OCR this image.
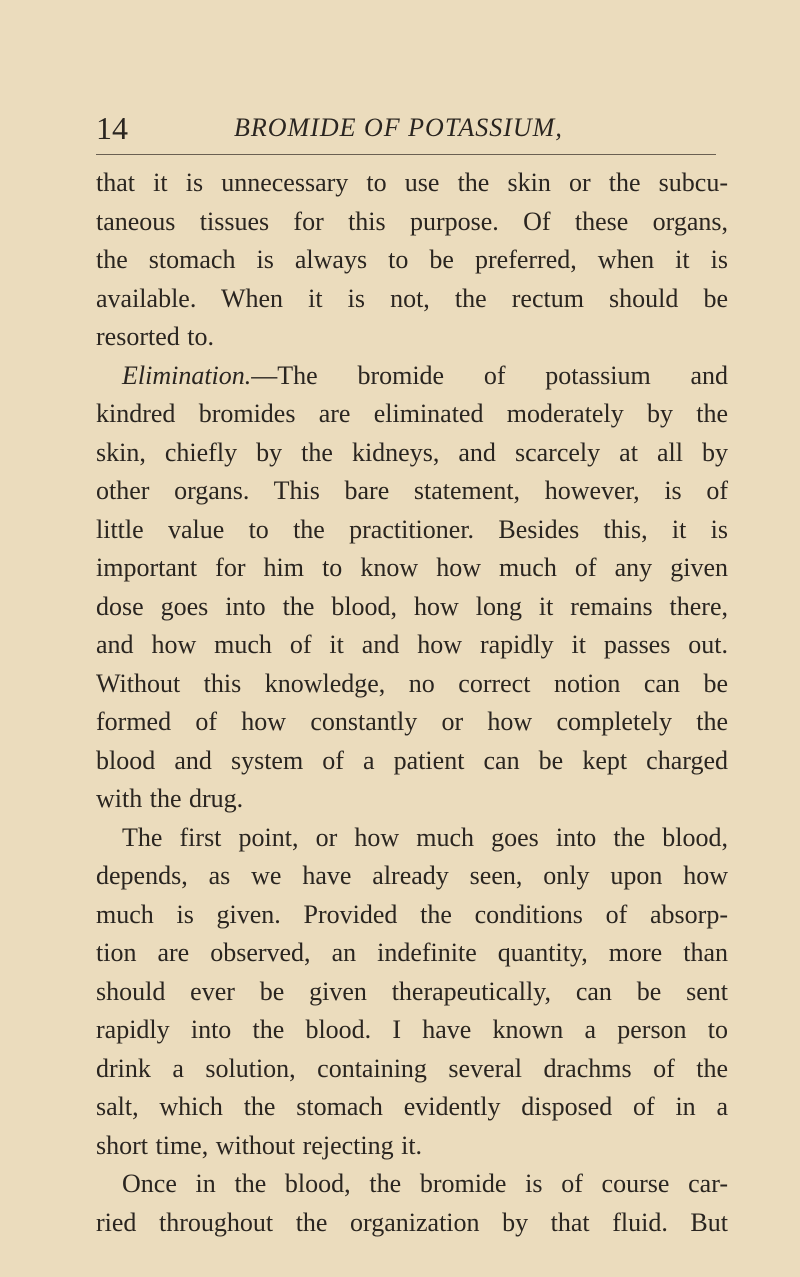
14	BROMIDE OF POTASSIUM,
that it is unnecessary to use the skin or the subcu-
taneous tissues for this purpose. Of these organs,
the stomach is always to be preferred, when it is
available. When it is not, the rectum should be
resorted to.
Elimination.—The bromide of potassium and
kindred bromides are eliminated moderately by the
skin, chiefly by the kidneys, and scarcely at all by
other organs. This bare statement, however, is of
little value to the practitioner. Besides this, it is
important for him to know how much of any given
dose goes into the blood, how long it remains there,
and how much of it and how rapidly it passes out.
Without this knowledge, no correct notion can be
formed of how constantly or how completely the
blood and system of a patient can be kept charged
with the drug.
The first point, or how much goes into the blood,
depends, as we have already seen, only upon how
much is given. Provided the conditions of absorp-
tion are observed, an indefinite quantity, more than
should ever be given therapeutically, can be sent
rapidly into the blood. I have known a person to
drink a solution, containing several drachms of the
salt, which the stomach evidently disposed of in a
short time, without rejecting it.
Once in the blood, the bromide is of course car-
ried throughout the organization by that fluid. But
